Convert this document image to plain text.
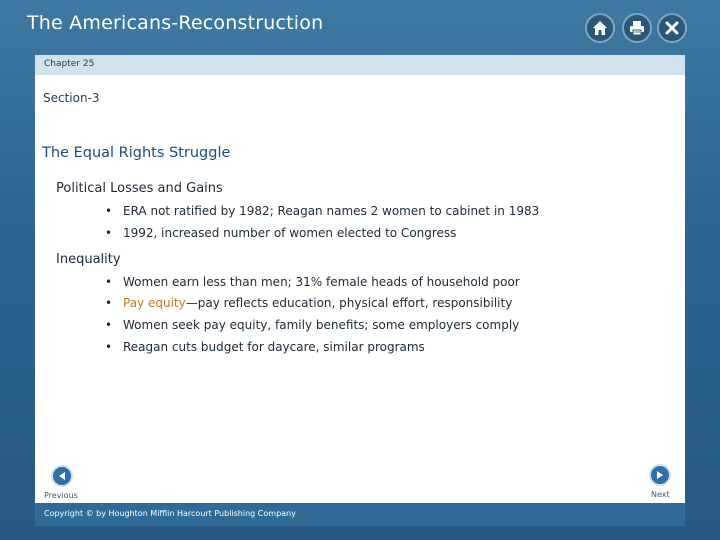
The Americans-Reconstruction
Chapter 25
Section-3
The Equal Rights Struggle
Political Losses and Gains
• ERA not ratified by 1982; Reagan names 2 women to cabinet in 1983
• 1992, increased number of women elected to Congress
Inequality
• Women earn less than men; 31% female heads of household poor
• Pay equity—pay reflects education, physical effort, responsibility
• Women seek pay equity, family benefits; some employers comply
• Reagan cuts budget for daycare, similar programs
Previous	Next
Copyright © by Houghton Mifflin Harcourt Publishing Company
